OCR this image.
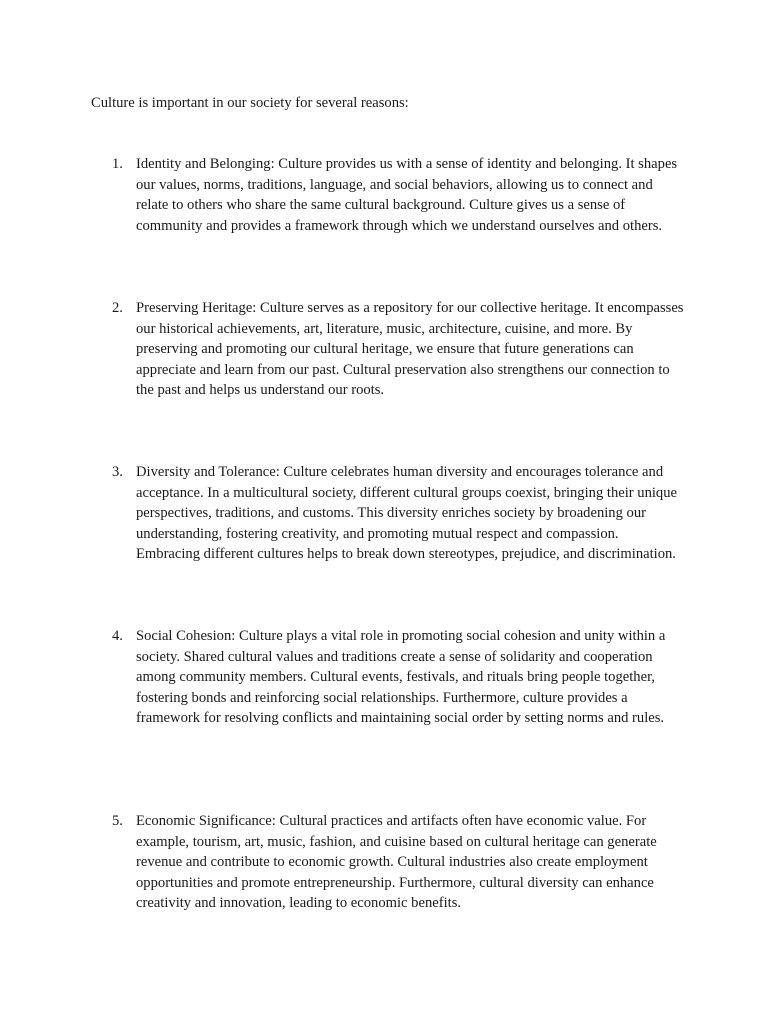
Culture is important in our society for several reasons:

1. Identity and Belonging: Culture provides us with a sense of identity and belonging. It shapes our values, norms, traditions, language, and social behaviors, allowing us to connect and relate to others who share the same cultural background. Culture gives us a sense of community and provides a framework through which we understand ourselves and others.

2. Preserving Heritage: Culture serves as a repository for our collective heritage. It encompasses our historical achievements, art, literature, music, architecture, cuisine, and more. By preserving and promoting our cultural heritage, we ensure that future generations can appreciate and learn from our past. Cultural preservation also strengthens our connection to the past and helps us understand our roots.

3. Diversity and Tolerance: Culture celebrates human diversity and encourages tolerance and acceptance. In a multicultural society, different cultural groups coexist, bringing their unique perspectives, traditions, and customs. This diversity enriches society by broadening our understanding, fostering creativity, and promoting mutual respect and compassion. Embracing different cultures helps to break down stereotypes, prejudice, and discrimination.

4. Social Cohesion: Culture plays a vital role in promoting social cohesion and unity within a society. Shared cultural values and traditions create a sense of solidarity and cooperation among community members. Cultural events, festivals, and rituals bring people together, fostering bonds and reinforcing social relationships. Furthermore, culture provides a framework for resolving conflicts and maintaining social order by setting norms and rules.

5. Economic Significance: Cultural practices and artifacts often have economic value. For example, tourism, art, music, fashion, and cuisine based on cultural heritage can generate revenue and contribute to economic growth. Cultural industries also create employment opportunities and promote entrepreneurship. Furthermore, cultural diversity can enhance creativity and innovation, leading to economic benefits.
